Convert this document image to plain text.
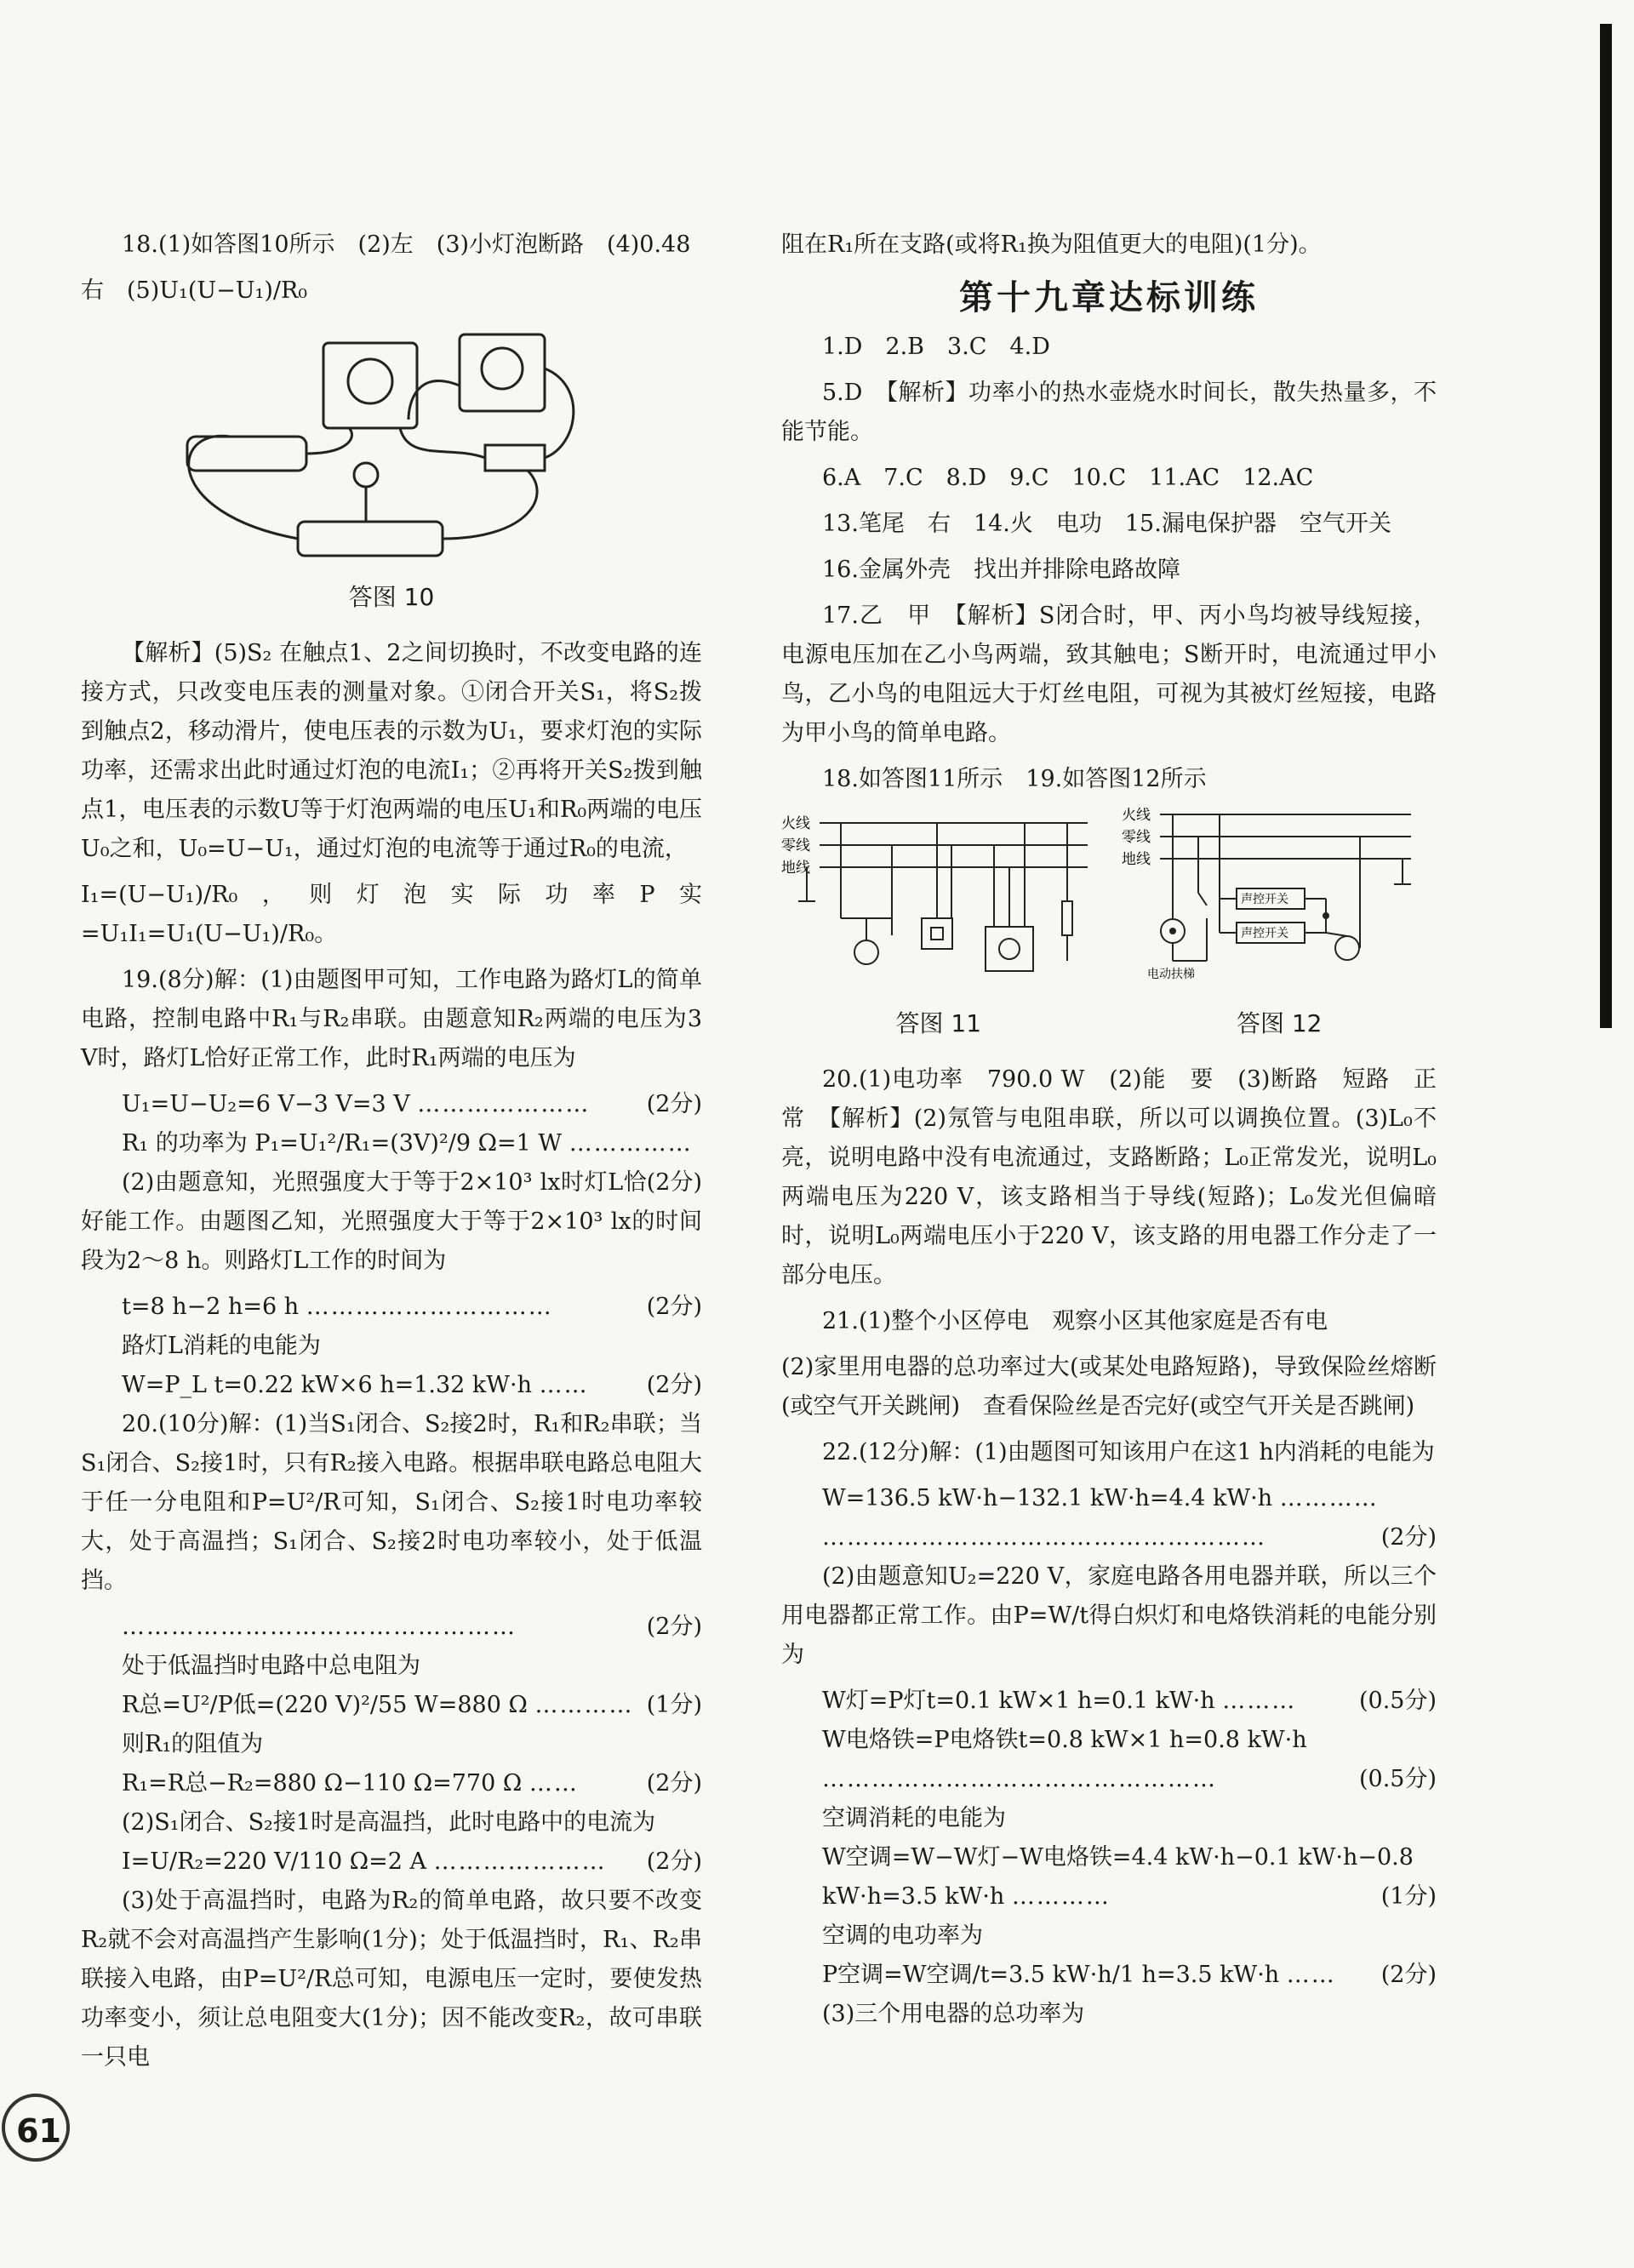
18.(1)如答图10所示　(2)左　(3)小灯泡断路　(4)0.48

右　(5)U₁(U−U₁)/R₀

答图 10

【解析】(5)S₂ 在触点1、2之间切换时，不改变电路的连接方式，只改变电压表的测量对象。①闭合开关S₁，将S₂拨到触点2，移动滑片，使电压表的示数为U₁，要求灯泡的实际功率，还需求出此时通过灯泡的电流I₁；②再将开关S₂拨到触点1，电压表的示数U等于灯泡两端的电压U₁和R₀两端的电压U₀之和，U₀=U−U₁，通过灯泡的电流等于通过R₀的电流，

I₁=(U−U₁)/R₀，则灯泡实际功率P实=U₁I₁=U₁(U−U₁)/R₀。

19.(8分)解：(1)由题图甲可知，工作电路为路灯L的简单电路，控制电路中R₁与R₂串联。由题意知R₂两端的电压为3 V时，路灯L恰好正常工作，此时R₁两端的电压为

U₁=U−U₂=6 V−3 V=3 V ………………… (2分)
R₁ 的功率为 P₁=U₁²/R₁=(3V)²/9 Ω=1 W ……………
(2分)

(2)由题意知，光照强度大于等于2×10³ lx时灯L恰好能工作。由题图乙知，光照强度大于等于2×10³ lx的时间段为2～8 h。则路灯L工作的时间为

t=8 h−2 h=6 h …………………………	(2分)
路灯L消耗的电能为
W=P_L t=0.22 kW×6 h=1.32 kW·h ……	(2分)

20.(10分)解：(1)当S₁闭合、S₂接2时，R₁和R₂串联；当S₁闭合、S₂接1时，只有R₂接入电路。根据串联电路总电阻大于任一分电阻和P=U²/R可知，S₁闭合、S₂接1时电功率较大，处于高温挡；S₁闭合、S₂接2时电功率较小，处于低温挡。

…………………………………………	(2分)
处于低温挡时电路中总电阻为
R总=U²/P低=(220 V)²/55 W=880 Ω ………… (1分)
则R₁的阻值为
R₁=R总−R₂=880 Ω−110 Ω=770 Ω ……	(2分)
(2)S₁闭合、S₂接1时是高温挡，此时电路中的电流为
I=U/R₂=220 V/110 Ω=2 A ………………… (2分)

(3)处于高温挡时，电路为R₂的简单电路，故只要不改变R₂就不会对高温挡产生影响(1分)；处于低温挡时，R₁、R₂串联接入电路，由P=U²/R总可知，电源电压一定时，要使发热功率变小，须让总电阻变大(1分)；因不能改变R₂，故可串联一只电

阻在R₁所在支路(或将R₁换为阻值更大的电阻)(1分)。

第十九章达标训练

1.D　2.B　3.C　4.D

5.D　【解析】功率小的热水壶烧水时间长，散失热量多，不能节能。

6.A　7.C　8.D　9.C　10.C　11.AC　12.AC

13.笔尾　右　14.火　电功　15.漏电保护器　空气开关

16.金属外壳　找出并排除电路故障

17.乙　甲　【解析】S闭合时，甲、丙小鸟均被导线短接，电源电压加在乙小鸟两端，致其触电；S断开时，电流通过甲小鸟，乙小鸟的电阻远大于灯丝电阻，可视为其被灯丝短接，电路为甲小鸟的简单电路。

18.如答图11所示　19.如答图12所示

火线
零线
地线
答图 11
火线
零线
地线
声控开关
声控开关
电动扶梯
答图 12

20.(1)电功率　790.0 W　(2)能　要　(3)断路　短路　正常　【解析】(2)氖管与电阻串联，所以可以调换位置。(3)L₀不亮，说明电路中没有电流通过，支路断路；L₀正常发光，说明L₀两端电压为220 V，该支路相当于导线(短路)；L₀发光但偏暗时，说明L₀两端电压小于220 V，该支路的用电器工作分走了一部分电压。

21.(1)整个小区停电　观察小区其他家庭是否有电

(2)家里用电器的总功率过大(或某处电路短路)，导致保险丝熔断(或空气开关跳闸)　查看保险丝是否完好(或空气开关是否跳闸)

22.(12分)解：(1)由题图可知该用户在这1 h内消耗的电能为

W=136.5 kW·h−132.1 kW·h=4.4 kW·h …………
………………………………………………	(2分)

(2)由题意知U₂=220 V，家庭电路各用电器并联，所以三个用电器都正常工作。由P=W/t得白炽灯和电烙铁消耗的电能分别为

W灯=P灯t=0.1 kW×1 h=0.1 kW·h ………	(0.5分)
W电烙铁=P电烙铁t=0.8 kW×1 h=0.8 kW·h
…………………………………………	(0.5分)
空调消耗的电能为
W空调=W−W灯−W电烙铁=4.4 kW·h−0.1 kW·h−0.8 kW·h=3.5 kW·h …………	(1分)
空调的电功率为
P空调=W空调/t=3.5 kW·h/1 h=3.5 kW·h …… (2分)

(3)三个用电器的总功率为

61
